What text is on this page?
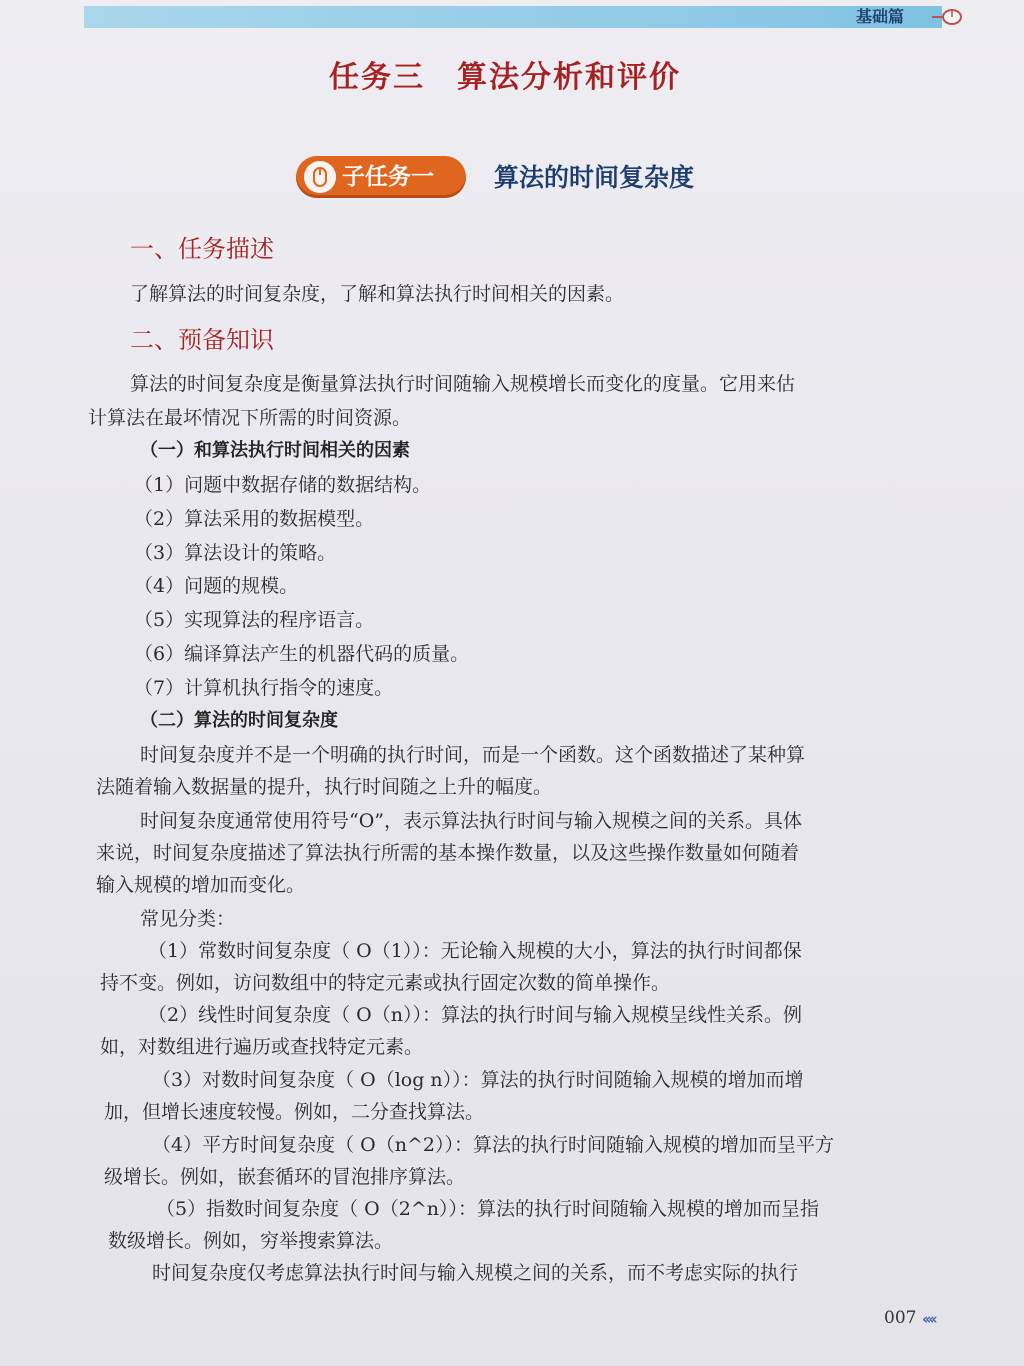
基础篇
任务三　算法分析和评价
子任务一 算法的时间复杂度
一、任务描述
了解算法的时间复杂度，了解和算法执行时间相关的因素。
二、预备知识
算法的时间复杂度是衡量算法执行时间随输入规模增长而变化的度量。它用来估
计算法在最坏情况下所需的时间资源。
（一）和算法执行时间相关的因素
（1）问题中数据存储的数据结构。
（2）算法采用的数据模型。
（3）算法设计的策略。
（4）问题的规模。
（5）实现算法的程序语言。
（6）编译算法产生的机器代码的质量。
（7）计算机执行指令的速度。
（二）算法的时间复杂度
时间复杂度并不是一个明确的执行时间，而是一个函数。这个函数描述了某种算
法随着输入数据量的提升，执行时间随之上升的幅度。
时间复杂度通常使用符号“O”，表示算法执行时间与输入规模之间的关系。具体
来说，时间复杂度描述了算法执行所需的基本操作数量，以及这些操作数量如何随着
输入规模的增加而变化。
常见分类：
（1）常数时间复杂度（ O（1））：无论输入规模的大小，算法的执行时间都保
持不变。例如，访问数组中的特定元素或执行固定次数的简单操作。
（2）线性时间复杂度（ O（n））：算法的执行时间与输入规模呈线性关系。例
如，对数组进行遍历或查找特定元素。
（3）对数时间复杂度（ O（log n））：算法的执行时间随输入规模的增加而增
加，但增长速度较慢。例如，二分查找算法。
（4）平方时间复杂度（ O（n^2））：算法的执行时间随输入规模的增加而呈平方
级增长。例如，嵌套循环的冒泡排序算法。
（5）指数时间复杂度（ O（2^n））：算法的执行时间随输入规模的增加而呈指
数级增长。例如，穷举搜索算法。
时间复杂度仅考虑算法执行时间与输入规模之间的关系，而不考虑实际的执行
007 ‹‹‹‹
